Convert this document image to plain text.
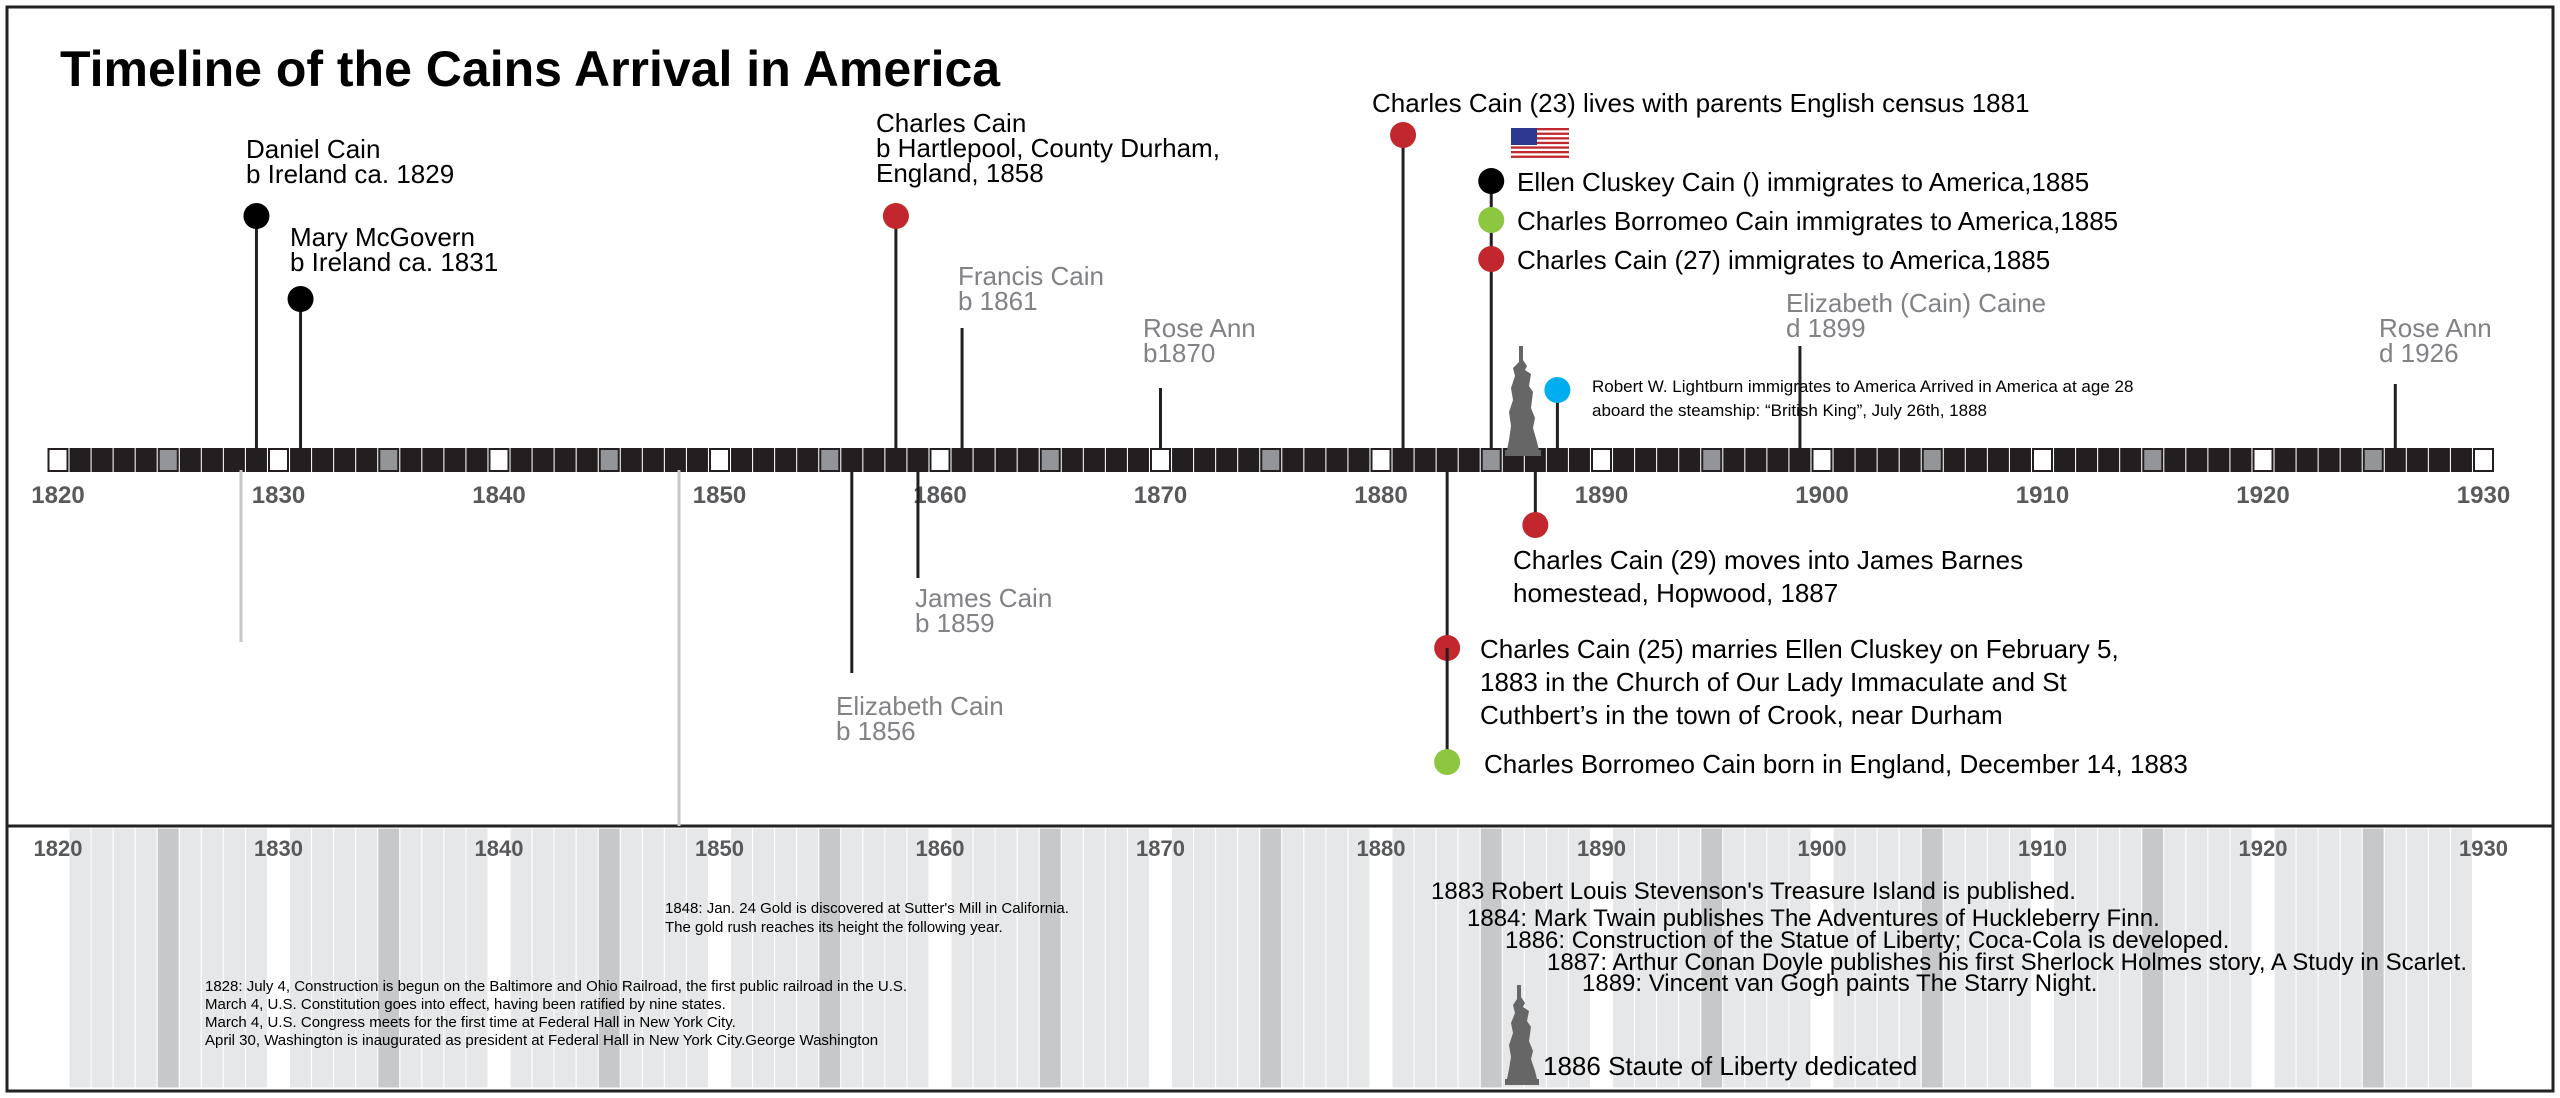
Timeline of the Cains Arrival in America
1820	1830	1840	1850	1860	1870	1880	1890	1900	1910	1920	1930
1820	1830	1840	1850	1860	1870	1880	1890	1900	1910	1920	1930
Daniel Cain b Ireland ca. 1829
Mary McGovern b Ireland ca. 1831
Charles Cain b Hartlepool, County Durham, England, 1858
Francis Cain b 1861
Rose Ann b1870
Charles Cain (23) lives with parents English census 1881
Elizabeth (Cain) Caine d 1899	Rose Ann d 1926
James Cain b 1859
Elizabeth Cain b 1856
Charles Cain (29) moves into James Barnes homestead, Hopwood, 1887
Charles Cain (25) marries Ellen Cluskey on February 5, 1883 in the Church of Our Lady Immaculate and St Cuthbert’s in the town of Crook, near Durham
Charles Borromeo Cain born in England, December 14, 1883
Robert W. Lightburn immigrates to America Arrived in America at age 28 aboard the steamship: “British King”, July 26th, 1888
Ellen Cluskey Cain () immigrates to America,1885
Charles Borromeo Cain immigrates to America,1885
Charles Cain (27) immigrates to America,1885
1848: Jan. 24 Gold is discovered at Sutter's Mill in California. The gold rush reaches its height the following year.
1828: July 4, Construction is begun on the Baltimore and Ohio Railroad, the first public railroad in the U.S. March 4, U.S. Constitution goes into effect, having been ratified by nine states. March 4, U.S. Congress meets for the first time at Federal Hall in New York City. April 30, Washington is inaugurated as president at Federal Hall in New York City.George Washington
1883 Robert Louis Stevenson's Treasure Island is published.
1884: Mark Twain publishes The Adventures of Huckleberry Finn.
1886: Construction of the Statue of Liberty; Coca-Cola is developed.
1887: Arthur Conan Doyle publishes his first Sherlock Holmes story, A Study in Scarlet.
1889: Vincent van Gogh paints The Starry Night.
1886 Staute of Liberty dedicated
